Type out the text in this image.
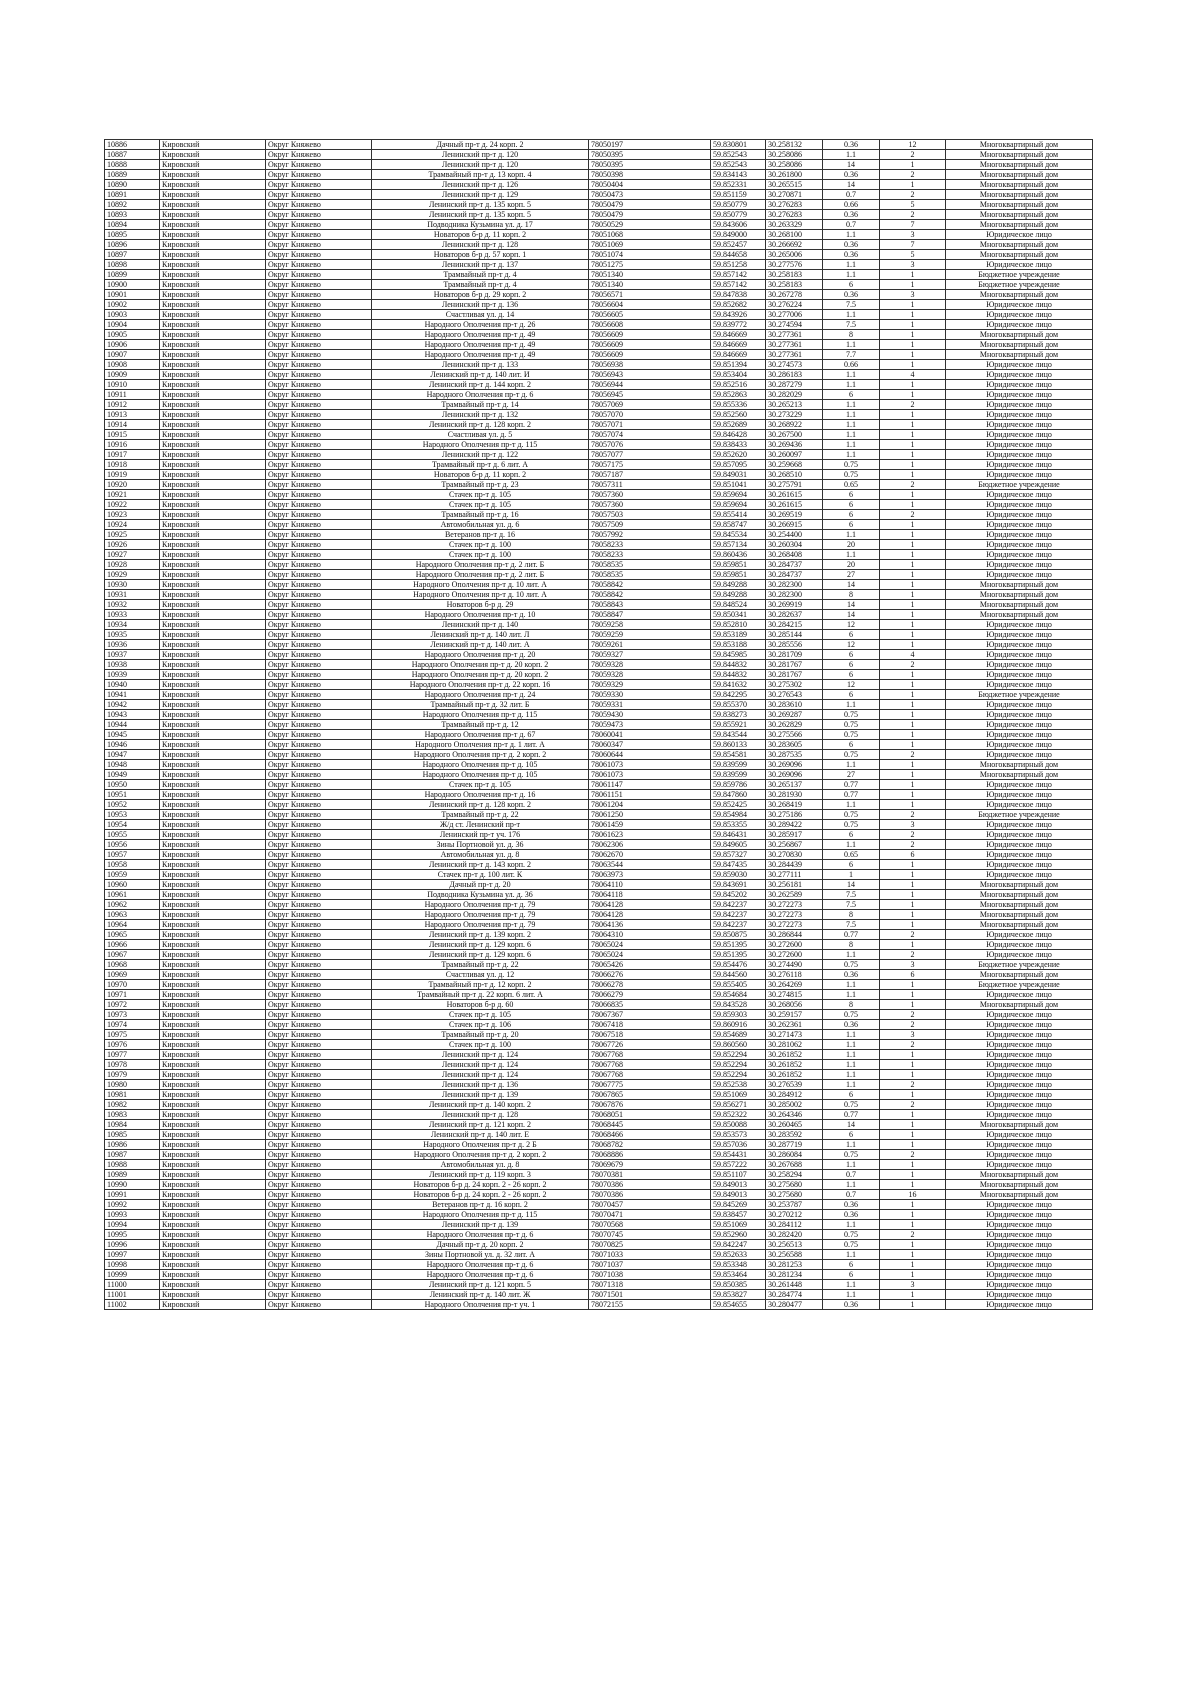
10886	Кировский	Округ Княжево	Дачный пр-т д. 24 корп. 2	78050197	59.830801	30.258132	0.36	12	Многоквартирный дом
10887	Кировский	Округ Княжево	Ленинский пр-т д. 120	78050395	59.852543	30.258086	1.1	2	Многоквартирный дом
10888	Кировский	Округ Княжево	Ленинский пр-т д. 120	78050395	59.852543	30.258086	14	1	Многоквартирный дом
10889	Кировский	Округ Княжево	Трамвайный пр-т д. 13 корп. 4	78050398	59.834143	30.261800	0.36	2	Многоквартирный дом
10890	Кировский	Округ Княжево	Ленинский пр-т д. 126	78050404	59.852331	30.265515	14	1	Многоквартирный дом
10891	Кировский	Округ Княжево	Ленинский пр-т д. 129	78050473	59.851159	30.270871	0.7	2	Многоквартирный дом
10892	Кировский	Округ Княжево	Ленинский пр-т д. 135 корп. 5	78050479	59.850779	30.276283	0.66	5	Многоквартирный дом
10893	Кировский	Округ Княжево	Ленинский пр-т д. 135 корп. 5	78050479	59.850779	30.276283	0.36	2	Многоквартирный дом
10894	Кировский	Округ Княжево	Подводника Кузьмина ул. д. 17	78050529	59.843606	30.263329	0.7	7	Многоквартирный дом
10895	Кировский	Округ Княжево	Новаторов б-р д. 11 корп. 2	78051068	59.849000	30.268100	1.1	3	Юридическое лицо
10896	Кировский	Округ Княжево	Ленинский пр-т д. 128	78051069	59.852457	30.266692	0.36	7	Многоквартирный дом
10897	Кировский	Округ Княжево	Новаторов б-р д. 57 корп. 1	78051074	59.844658	30.265006	0.36	5	Многоквартирный дом
10898	Кировский	Округ Княжево	Ленинский пр-т д. 137	78051275	59.851258	30.277576	1.1	3	Юридическое лицо
10899	Кировский	Округ Княжево	Трамвайный пр-т д. 4	78051340	59.857142	30.258183	1.1	1	Бюджетное учреждение
10900	Кировский	Округ Княжево	Трамвайный пр-т д. 4	78051340	59.857142	30.258183	6	1	Бюджетное учреждение
10901	Кировский	Округ Княжево	Новаторов б-р д. 29 корп. 2	78056571	59.847838	30.267278	0.36	3	Многоквартирный дом
10902	Кировский	Округ Княжево	Ленинский пр-т д. 136	78056604	59.852682	30.276224	7.5	1	Юридическое лицо
10903	Кировский	Округ Княжево	Счастливая ул. д. 14	78056605	59.843926	30.277006	1.1	1	Юридическое лицо
10904	Кировский	Округ Княжево	Народного Ополчения пр-т д. 26	78056608	59.839772	30.274594	7.5	1	Юридическое лицо
10905	Кировский	Округ Княжево	Народного Ополчения пр-т д. 49	78056609	59.846669	30.277361	8	1	Многоквартирный дом
10906	Кировский	Округ Княжево	Народного Ополчения пр-т д. 49	78056609	59.846669	30.277361	1.1	1	Многоквартирный дом
10907	Кировский	Округ Княжево	Народного Ополчения пр-т д. 49	78056609	59.846669	30.277361	7.7	1	Многоквартирный дом
10908	Кировский	Округ Княжево	Ленинский пр-т д. 133	78056938	59.851394	30.274573	0.66	1	Юридическое лицо
10909	Кировский	Округ Княжево	Ленинский пр-т д. 140 лит. И	78056943	59.853404	30.286183	1.1	4	Юридическое лицо
10910	Кировский	Округ Княжево	Ленинский пр-т д. 144 корп. 2	78056944	59.852516	30.287279	1.1	1	Юридическое лицо
10911	Кировский	Округ Княжево	Народного Ополчения пр-т д. 6	78056945	59.852863	30.282029	6	1	Юридическое лицо
10912	Кировский	Округ Княжево	Трамвайный пр-т д. 14	78057069	59.855336	30.265213	1.1	2	Юридическое лицо
10913	Кировский	Округ Княжево	Ленинский пр-т д. 132	78057070	59.852560	30.273229	1.1	1	Юридическое лицо
10914	Кировский	Округ Княжево	Ленинский пр-т д. 128 корп. 2	78057071	59.852689	30.268922	1.1	1	Юридическое лицо
10915	Кировский	Округ Княжево	Счастливая ул. д. 5	78057074	59.846428	30.267500	1.1	1	Юридическое лицо
10916	Кировский	Округ Княжево	Народного Ополчения пр-т д. 115	78057076	59.838433	30.269436	1.1	1	Юридическое лицо
10917	Кировский	Округ Княжево	Ленинский пр-т д. 122	78057077	59.852620	30.260097	1.1	1	Юридическое лицо
10918	Кировский	Округ Княжево	Трамвайный пр-т д. 6 лит. А	78057175	59.857095	30.259668	0.75	1	Юридическое лицо
10919	Кировский	Округ Княжево	Новаторов б-р д. 11 корп. 2	78057187	59.849031	30.268510	0.75	1	Юридическое лицо
10920	Кировский	Округ Княжево	Трамвайный пр-т д. 23	78057311	59.851041	30.275791	0.65	2	Бюджетное учреждение
10921	Кировский	Округ Княжево	Стачек пр-т д. 105	78057360	59.859694	30.261615	6	1	Юридическое лицо
10922	Кировский	Округ Княжево	Стачек пр-т д. 105	78057360	59.859694	30.261615	6	1	Юридическое лицо
10923	Кировский	Округ Княжево	Трамвайный пр-т д. 16	78057503	59.855414	30.269519	6	2	Юридическое лицо
10924	Кировский	Округ Княжево	Автомобильная ул. д. 6	78057509	59.858747	30.266915	6	1	Юридическое лицо
10925	Кировский	Округ Княжево	Ветеранов пр-т д. 16	78057992	59.845534	30.254400	1.1	1	Юридическое лицо
10926	Кировский	Округ Княжево	Стачек пр-т д. 100	78058233	59.857134	30.260304	20	1	Юридическое лицо
10927	Кировский	Округ Княжево	Стачек пр-т д. 100	78058233	59.860436	30.268408	1.1	1	Юридическое лицо
10928	Кировский	Округ Княжево	Народного Ополчения пр-т д. 2 лит. Б	78058535	59.859851	30.284737	20	1	Юридическое лицо
10929	Кировский	Округ Княжево	Народного Ополчения пр-т д. 2 лит. Б	78058535	59.859851	30.284737	27	1	Юридическое лицо
10930	Кировский	Округ Княжево	Народного Ополчения пр-т д. 10 лит. А	78058842	59.849288	30.282300	14	1	Многоквартирный дом
10931	Кировский	Округ Княжево	Народного Ополчения пр-т д. 10 лит. А	78058842	59.849288	30.282300	8	1	Многоквартирный дом
10932	Кировский	Округ Княжево	Новаторов б-р д. 29	78058843	59.848524	30.269919	14	1	Многоквартирный дом
10933	Кировский	Округ Княжево	Народного Ополчения пр-т д. 10	78058847	59.850341	30.282637	14	1	Многоквартирный дом
10934	Кировский	Округ Княжево	Ленинский пр-т д. 140	78059258	59.852810	30.284215	12	1	Юридическое лицо
10935	Кировский	Округ Княжево	Ленинский пр-т д. 140 лит. Л	78059259	59.853189	30.285144	6	1	Юридическое лицо
10936	Кировский	Округ Княжево	Ленинский пр-т д. 140 лит. А	78059261	59.853188	30.285556	12	1	Юридическое лицо
10937	Кировский	Округ Княжево	Народного Ополчения пр-т д. 20	78059327	59.845985	30.281709	6	4	Юридическое лицо
10938	Кировский	Округ Княжево	Народного Ополчения пр-т д. 20 корп. 2	78059328	59.844832	30.281767	6	2	Юридическое лицо
10939	Кировский	Округ Княжево	Народного Ополчения пр-т д. 20 корп. 2	78059328	59.844832	30.281767	6	1	Юридическое лицо
10940	Кировский	Округ Княжево	Народного Ополчения пр-т д. 22 корп. 16	78059329	59.841632	30.275302	12	1	Юридическое лицо
10941	Кировский	Округ Княжево	Народного Ополчения пр-т д. 24	78059330	59.842295	30.276543	6	1	Бюджетное учреждение
10942	Кировский	Округ Княжево	Трамвайный пр-т д. 32 лит. Б	78059331	59.855370	30.283610	1.1	1	Юридическое лицо
10943	Кировский	Округ Княжево	Народного Ополчения пр-т д. 115	78059430	59.838273	30.269287	0.75	1	Юридическое лицо
10944	Кировский	Округ Княжево	Трамвайный пр-т д. 12	78059473	59.855921	30.262829	0.75	1	Юридическое лицо
10945	Кировский	Округ Княжево	Народного Ополчения пр-т д. 67	78060041	59.843544	30.275566	0.75	1	Юридическое лицо
10946	Кировский	Округ Княжево	Народного Ополчения пр-т д. 1 лит. А	78060347	59.860133	30.283605	6	1	Юридическое лицо
10947	Кировский	Округ Княжево	Народного Ополчения пр-т д. 2 корп. 2	78060644	59.854581	30.287535	0.75	2	Юридическое лицо
10948	Кировский	Округ Княжево	Народного Ополчения пр-т д. 105	78061073	59.839599	30.269096	1.1	1	Многоквартирный дом
10949	Кировский	Округ Княжево	Народного Ополчения пр-т д. 105	78061073	59.839599	30.269096	27	1	Многоквартирный дом
10950	Кировский	Округ Княжево	Стачек пр-т д. 105	78061147	59.859786	30.265137	0.77	1	Юридическое лицо
10951	Кировский	Округ Княжево	Народного Ополчения пр-т д. 16	78061151	59.847860	30.281930	0.77	1	Юридическое лицо
10952	Кировский	Округ Княжево	Ленинский пр-т д. 128 корп. 2	78061204	59.852425	30.268419	1.1	1	Юридическое лицо
10953	Кировский	Округ Княжево	Трамвайный пр-т д. 22	78061250	59.854984	30.275186	0.75	2	Бюджетное учреждение
10954	Кировский	Округ Княжево	Ж/д ст. Ленинский пр-т	78061459	59.853355	30.289422	0.75	3	Юридическое лицо
10955	Кировский	Округ Княжево	Ленинский пр-т уч. 176	78061623	59.846431	30.285917	6	2	Юридическое лицо
10956	Кировский	Округ Княжево	Зины Портновой ул. д. 36	78062306	59.849605	30.256867	1.1	2	Юридическое лицо
10957	Кировский	Округ Княжево	Автомобильная ул. д. 8	78062670	59.857327	30.270830	0.65	6	Юридическое лицо
10958	Кировский	Округ Княжево	Ленинский пр-т д. 143 корп. 2	78063544	59.847435	30.284439	6	1	Юридическое лицо
10959	Кировский	Округ Княжево	Стачек пр-т д. 100 лит. К	78063973	59.859030	30.277111	1	1	Юридическое лицо
10960	Кировский	Округ Княжево	Дачный пр-т д. 20	78064110	59.843691	30.256181	14	1	Многоквартирный дом
10961	Кировский	Округ Княжево	Подводника Кузьмина ул. д. 36	78064118	59.845202	30.262589	7.5	1	Многоквартирный дом
10962	Кировский	Округ Княжево	Народного Ополчения пр-т д. 79	78064128	59.842237	30.272273	7.5	1	Многоквартирный дом
10963	Кировский	Округ Княжево	Народного Ополчения пр-т д. 79	78064128	59.842237	30.272273	8	1	Многоквартирный дом
10964	Кировский	Округ Княжево	Народного Ополчения пр-т д. 79	78064136	59.842237	30.272273	7.5	1	Многоквартирный дом
10965	Кировский	Округ Княжево	Ленинский пр-т д. 139 корп. 2	78064310	59.850875	30.286844	0.77	2	Юридическое лицо
10966	Кировский	Округ Княжево	Ленинский пр-т д. 129 корп. 6	78065024	59.851395	30.272600	8	1	Юридическое лицо
10967	Кировский	Округ Княжево	Ленинский пр-т д. 129 корп. 6	78065024	59.851395	30.272600	1.1	2	Юридическое лицо
10968	Кировский	Округ Княжево	Трамвайный пр-т д. 22	78065426	59.854476	30.274490	0.75	3	Бюджетное учреждение
10969	Кировский	Округ Княжево	Счастливая ул. д. 12	78066276	59.844560	30.276118	0.36	6	Многоквартирный дом
10970	Кировский	Округ Княжево	Трамвайный пр-т д. 12 корп. 2	78066278	59.855405	30.264269	1.1	1	Бюджетное учреждение
10971	Кировский	Округ Княжево	Трамвайный пр-т д. 22 корп. 6 лит. А	78066279	59.854684	30.274815	1.1	1	Юридическое лицо
10972	Кировский	Округ Княжево	Новаторов б-р д. 60	78066835	59.843528	30.268056	8	1	Многоквартирный дом
10973	Кировский	Округ Княжево	Стачек пр-т д. 105	78067367	59.859303	30.259157	0.75	2	Юридическое лицо
10974	Кировский	Округ Княжево	Стачек пр-т д. 106	78067418	59.860916	30.262361	0.36	2	Юридическое лицо
10975	Кировский	Округ Княжево	Трамвайный пр-т д. 20	78067518	59.854689	30.271473	1.1	3	Юридическое лицо
10976	Кировский	Округ Княжево	Стачек пр-т д. 100	78067726	59.860560	30.281062	1.1	2	Юридическое лицо
10977	Кировский	Округ Княжево	Ленинский пр-т д. 124	78067768	59.852294	30.261852	1.1	1	Юридическое лицо
10978	Кировский	Округ Княжево	Ленинский пр-т д. 124	78067768	59.852294	30.261852	1.1	1	Юридическое лицо
10979	Кировский	Округ Княжево	Ленинский пр-т д. 124	78067768	59.852294	30.261852	1.1	1	Юридическое лицо
10980	Кировский	Округ Княжево	Ленинский пр-т д. 136	78067775	59.852538	30.276539	1.1	2	Юридическое лицо
10981	Кировский	Округ Княжево	Ленинский пр-т д. 139	78067865	59.851069	30.284912	6	1	Юридическое лицо
10982	Кировский	Округ Княжево	Ленинский пр-т д. 140 корп. 2	78067876	59.856271	30.285002	0.75	2	Юридическое лицо
10983	Кировский	Округ Княжево	Ленинский пр-т д. 128	78068051	59.852322	30.264346	0.77	1	Юридическое лицо
10984	Кировский	Округ Княжево	Ленинский пр-т д. 121 корп. 2	78068445	59.850088	30.260465	14	1	Многоквартирный дом
10985	Кировский	Округ Княжево	Ленинский пр-т д. 140 лит. Е	78068466	59.853573	30.283592	6	1	Юридическое лицо
10986	Кировский	Округ Княжево	Народного Ополчения пр-т д. 2 Б	78068782	59.857036	30.287719	1.1	1	Юридическое лицо
10987	Кировский	Округ Княжево	Народного Ополчения пр-т д. 2 корп. 2	78068886	59.854431	30.286084	0.75	2	Юридическое лицо
10988	Кировский	Округ Княжево	Автомобильная ул. д. 8	78069679	59.857222	30.267688	1.1	1	Юридическое лицо
10989	Кировский	Округ Княжево	Ленинский пр-т д. 119 корп. 3	78070381	59.851107	30.258294	0.7	1	Многоквартирный дом
10990	Кировский	Округ Княжево	Новаторов б-р д. 24 корп. 2 - 26 корп. 2	78070386	59.849013	30.275680	1.1	1	Многоквартирный дом
10991	Кировский	Округ Княжево	Новаторов б-р д. 24 корп. 2 - 26 корп. 2	78070386	59.849013	30.275680	0.7	16	Многоквартирный дом
10992	Кировский	Округ Княжево	Ветеранов пр-т д. 16 корп. 2	78070457	59.845269	30.253787	0.36	1	Юридическое лицо
10993	Кировский	Округ Княжево	Народного Ополчения пр-т д. 115	78070471	59.838457	30.270212	0.36	1	Юридическое лицо
10994	Кировский	Округ Княжево	Ленинский пр-т д. 139	78070568	59.851069	30.284112	1.1	1	Юридическое лицо
10995	Кировский	Округ Княжево	Народного Ополчения пр-т д. 6	78070745	59.852960	30.282420	0.75	2	Юридическое лицо
10996	Кировский	Округ Княжево	Дачный пр-т д. 20 корп. 2	78070825	59.842247	30.256513	0.75	1	Юридическое лицо
10997	Кировский	Округ Княжево	Зины Портновой ул. д. 32 лит. А	78071033	59.852633	30.256588	1.1	1	Юридическое лицо
10998	Кировский	Округ Княжево	Народного Ополчения пр-т д. 6	78071037	59.853348	30.281253	6	1	Юридическое лицо
10999	Кировский	Округ Княжево	Народного Ополчения пр-т д. 6	78071038	59.853464	30.281234	6	1	Юридическое лицо
11000	Кировский	Округ Княжево	Ленинский пр-т д. 121 корп. 5	78071318	59.850385	30.261448	1.1	3	Юридическое лицо
11001	Кировский	Округ Княжево	Ленинский пр-т д. 140 лит. Ж	78071501	59.853827	30.284774	1.1	1	Юридическое лицо
11002	Кировский	Округ Княжево	Народного Ополчения пр-т уч. 1	78072155	59.854655	30.280477	0.36	1	Юридическое лицо
